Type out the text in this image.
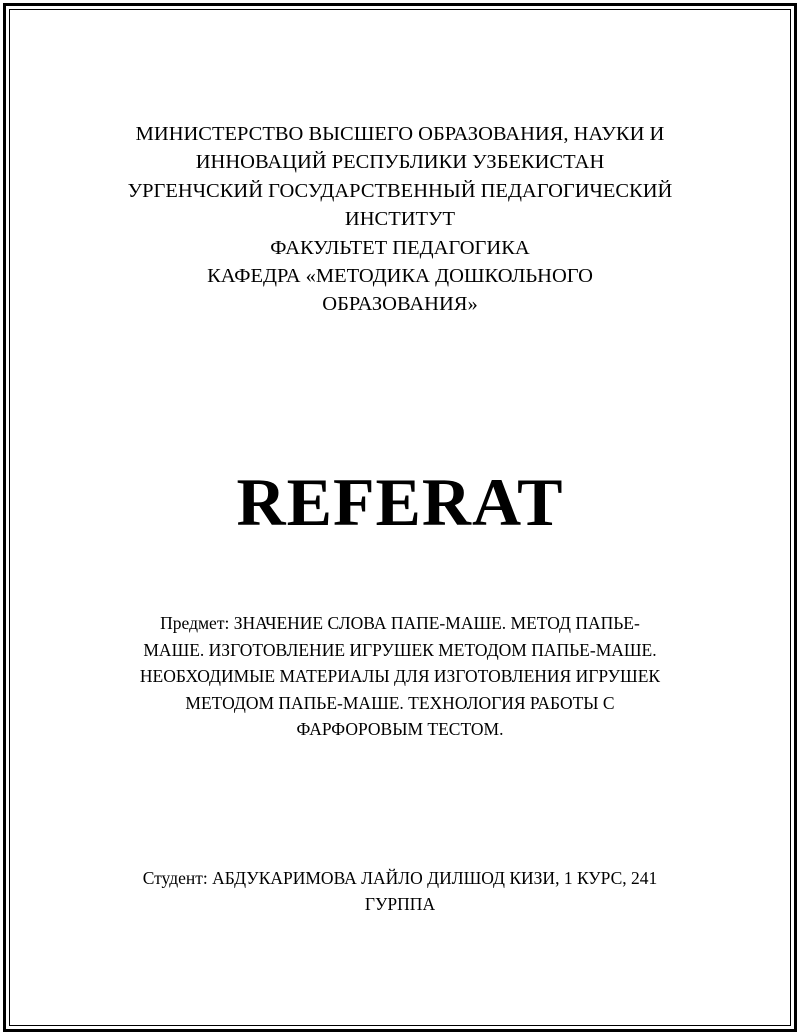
МИНИСТЕРСТВО ВЫСШЕГО ОБРАЗОВАНИЯ, НАУКИ И
ИННОВАЦИЙ РЕСПУБЛИКИ УЗБЕКИСТАН
УРГЕНЧСКИЙ ГОСУДАРСТВЕННЫЙ ПЕДАГОГИЧЕСКИЙ
ИНСТИТУТ
ФАКУЛЬТЕТ ПЕДАГОГИКА
КАФЕДРА «МЕТОДИКА ДОШКОЛЬНОГО
ОБРАЗОВАНИЯ»
REFERAT
Предмет: ЗНАЧЕНИЕ СЛОВА ПАПЕ-МАШЕ. МЕТОД ПАПЬЕ-
МАШЕ. ИЗГОТОВЛЕНИЕ ИГРУШЕК МЕТОДОМ ПАПЬЕ-МАШЕ.
НЕОБХОДИМЫЕ МАТЕРИАЛЫ ДЛЯ ИЗГОТОВЛЕНИЯ ИГРУШЕК
МЕТОДОМ ПАПЬЕ-МАШЕ. ТЕХНОЛОГИЯ РАБОТЫ С
ФАРФОРОВЫМ ТЕСТОМ.
Студент: АБДУКАРИМОВА ЛАЙЛО ДИЛШОД КИЗИ, 1 КУРС, 241
ГУРППА
